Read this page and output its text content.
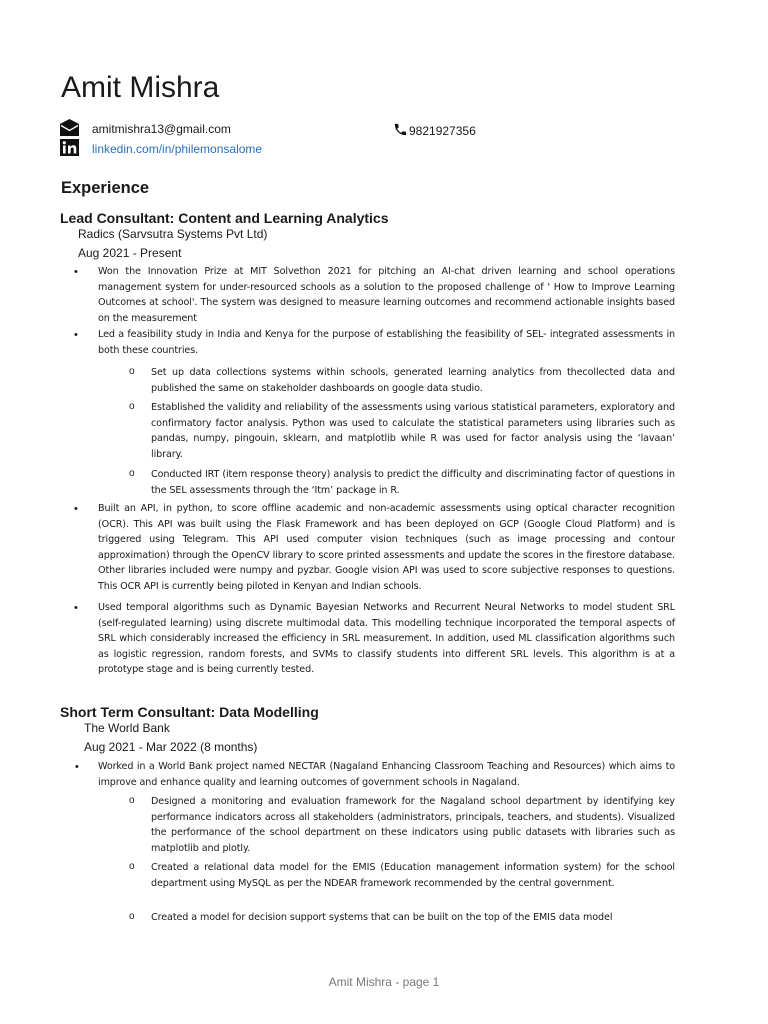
Amit Mishra
amitmishra13@gmail.com
linkedin.com/in/philemonsalome
9821927356
Experience
Lead Consultant: Content and Learning Analytics
Radics (Sarvsutra Systems Pvt Ltd)
Aug 2021 - Present
• Won the Innovation Prize at MIT Solvethon 2021 for pitching an AI-chat driven learning and school operations management system for under-resourced schools as a solution to the proposed challenge of ' How to Improve Learning Outcomes at school'. The system was designed to measure learning outcomes and recommend actionable insights based on the measurement
• Led a feasibility study in India and Kenya for the purpose of establishing the feasibility of SEL- integrated assessments in both these countries.
o Set up data collections systems within schools, generated learning analytics from thecollected data and published the same on stakeholder dashboards on google data studio.
o Established the validity and reliability of the assessments using various statistical parameters, exploratory and confirmatory factor analysis. Python was used to calculate the statistical parameters using libraries such as pandas, numpy, pingouin, sklearn, and matplotlib while R was used for factor analysis using the ‘lavaan’ library.
o Conducted IRT (item response theory) analysis to predict the difficulty and discriminating factor of questions in the SEL assessments through the ‘Itm’ package in R.
• Built an API, in python, to score offline academic and non-academic assessments using optical character recognition (OCR). This API was built using the Flask Framework and has been deployed on GCP (Google Cloud Platform) and is triggered using Telegram. This API used computer vision techniques (such as image processing and contour approximation) through the OpenCV library to score printed assessments and update the scores in the firestore database. Other libraries included were numpy and pyzbar. Google vision API was used to score subjective responses to questions. This OCR API is currently being piloted in Kenyan and Indian schools.
• Used temporal algorithms such as Dynamic Bayesian Networks and Recurrent Neural Networks to model student SRL (self-regulated learning) using discrete multimodal data. This modelling technique incorporated the temporal aspects of SRL which considerably increased the efficiency in SRL measurement. In addition, used ML classification algorithms such as logistic regression, random forests, and SVMs to classify students into different SRL levels. This algorithm is at a prototype stage and is being currently tested.
Short Term Consultant: Data Modelling
The World Bank
Aug 2021 - Mar 2022 (8 months)
• Worked in a World Bank project named NECTAR (Nagaland Enhancing Classroom Teaching and Resources) which aims to improve and enhance quality and learning outcomes of government schools in Nagaland.
o Designed a monitoring and evaluation framework for the Nagaland school department by identifying key performance indicators across all stakeholders (administrators, principals, teachers, and students). Visualized the performance of the school department on these indicators using public datasets with libraries such as matplotlib and plotly.
o Created a relational data model for the EMIS (Education management information system) for the school department using MySQL as per the NDEAR framework recommended by the central government.
o Created a model for decision support systems that can be built on the top of the EMIS data model
Amit Mishra - page 1
